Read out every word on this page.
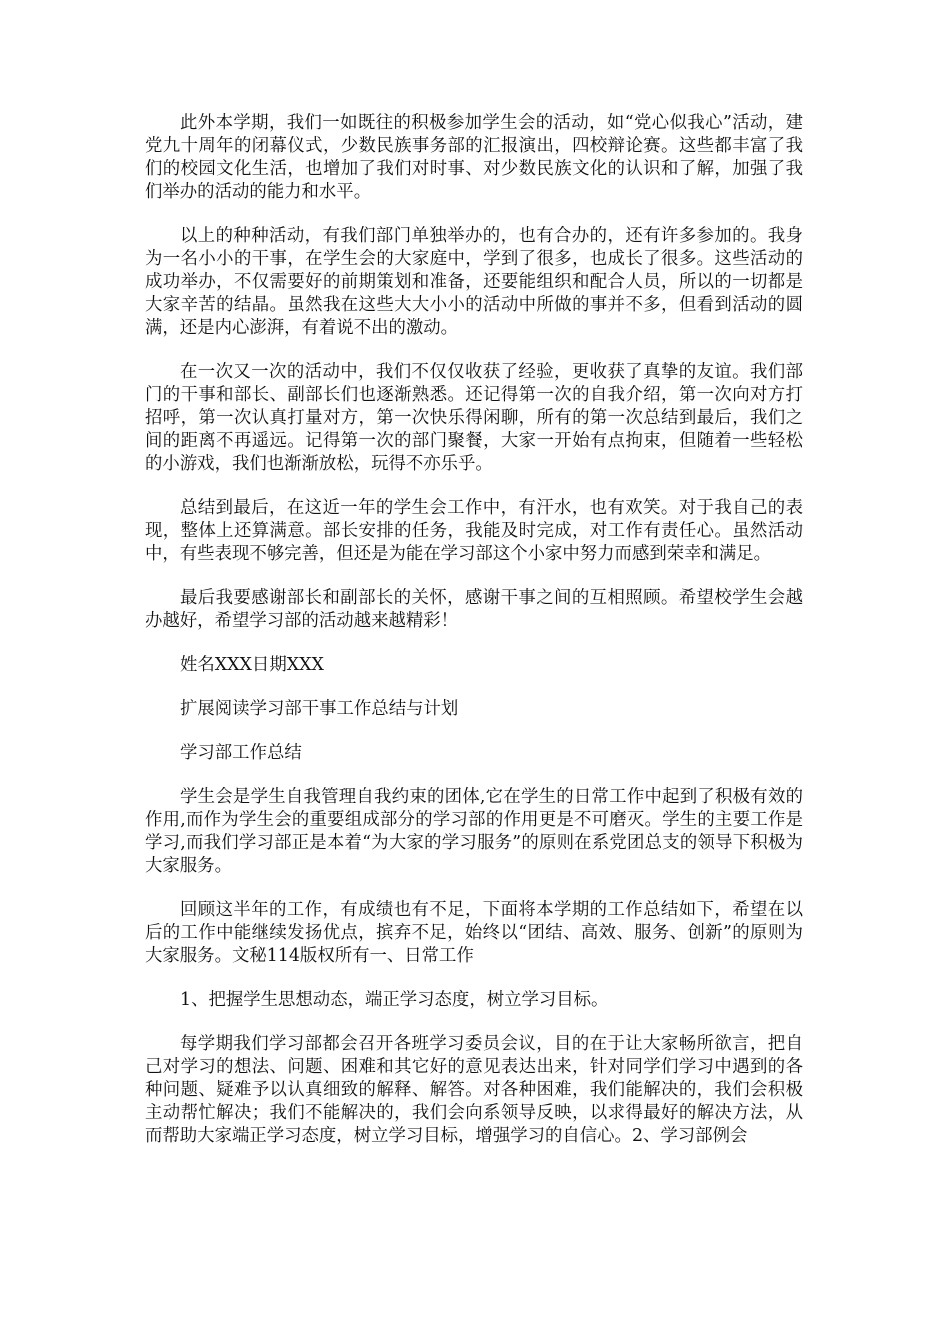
此外本学期，我们一如既往的积极参加学生会的活动，如“党心似我心”活动，建党九十周年的闭幕仪式，少数民族事务部的汇报演出，四校辩论赛。这些都丰富了我们的校园文化生活，也增加了我们对时事、对少数民族文化的认识和了解，加强了我们举办的活动的能力和水平。

以上的种种活动，有我们部门单独举办的，也有合办的，还有许多参加的。我身为一名小小的干事，在学生会的大家庭中，学到了很多，也成长了很多。这些活动的成功举办，不仅需要好的前期策划和准备，还要能组织和配合人员，所以的一切都是大家辛苦的结晶。虽然我在这些大大小小的活动中所做的事并不多，但看到活动的圆满，还是内心澎湃，有着说不出的激动。

在一次又一次的活动中，我们不仅仅收获了经验，更收获了真挚的友谊。我们部门的干事和部长、副部长们也逐渐熟悉。还记得第一次的自我介绍，第一次向对方打招呼，第一次认真打量对方，第一次快乐得闲聊，所有的第一次总结到最后，我们之间的距离不再遥远。记得第一次的部门聚餐，大家一开始有点拘束，但随着一些轻松的小游戏，我们也渐渐放松，玩得不亦乐乎。

总结到最后，在这近一年的学生会工作中，有汗水，也有欢笑。对于我自己的表现，整体上还算满意。部长安排的任务，我能及时完成，对工作有责任心。虽然活动中，有些表现不够完善，但还是为能在学习部这个小家中努力而感到荣幸和满足。

最后我要感谢部长和副部长的关怀，感谢干事之间的互相照顾。希望校学生会越办越好，希望学习部的活动越来越精彩！

姓名XXX日期XXX

扩展阅读学习部干事工作总结与计划

学习部工作总结

学生会是学生自我管理自我约束的团体,它在学生的日常工作中起到了积极有效的作用,而作为学生会的重要组成部分的学习部的作用更是不可磨灭。学生的主要工作是学习,而我们学习部正是本着“为大家的学习服务”的原则在系党团总支的领导下积极为大家服务。

回顾这半年的工作，有成绩也有不足，下面将本学期的工作总结如下，希望在以后的工作中能继续发扬优点，摈弃不足，始终以“团结、高效、服务、创新”的原则为大家服务。文秘114版权所有一、日常工作

1、把握学生思想动态，端正学习态度，树立学习目标。

每学期我们学习部都会召开各班学习委员会议，目的在于让大家畅所欲言，把自己对学习的想法、问题、困难和其它好的意见表达出来，针对同学们学习中遇到的各种问题、疑难予以认真细致的解释、解答。对各种困难，我们能解决的，我们会积极主动帮忙解决；我们不能解决的，我们会向系领导反映，以求得最好的解决方法，从而帮助大家端正学习态度，树立学习目标，增强学习的自信心。2、学习部例会
